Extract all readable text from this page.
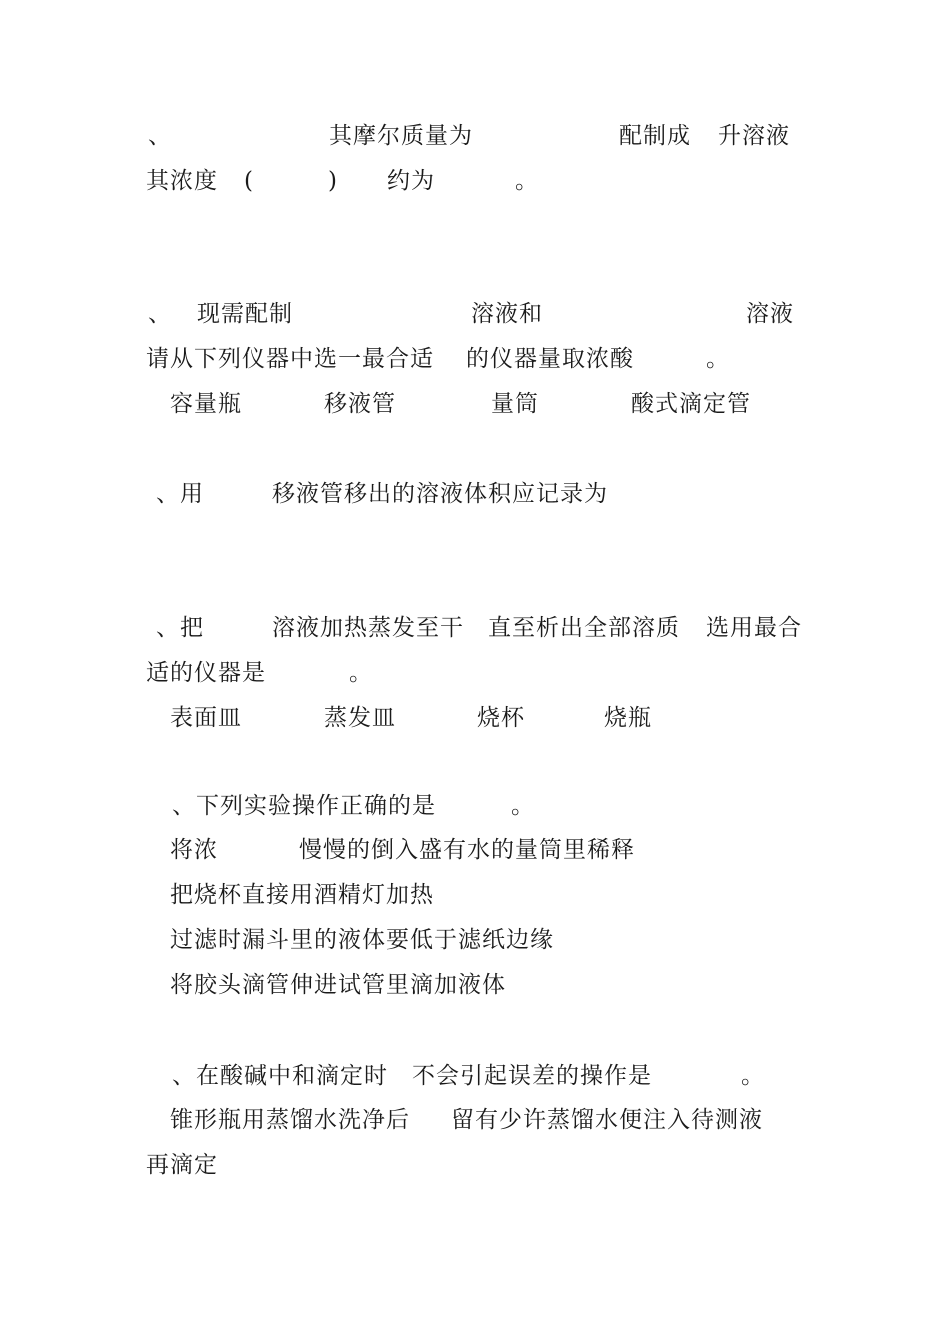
、	其摩尔质量为	配制成 升溶液
其浓度 (	) 约为	。
、 现需配制	溶液和	溶液
请从下列仪器中选一最合适 的仪器量取浓酸	。
容量瓶	移液管	量筒	酸式滴定管
、用	移液管移出的溶液体积应记录为
、把	溶液加热蒸发至干 直至析出全部溶质 选用最合
适的仪器是	。
表面皿	蒸发皿	烧杯	烧瓶
、下列实验操作正确的是	。
将浓	慢慢的倒入盛有水的量筒里稀释
把烧杯直接用酒精灯加热
过滤时漏斗里的液体要低于滤纸边缘
将胶头滴管伸进试管里滴加液体
、在酸碱中和滴定时 不会引起误差的操作是	。
锥形瓶用蒸馏水洗净后 留有少许蒸馏水便注入待测液
再滴定
